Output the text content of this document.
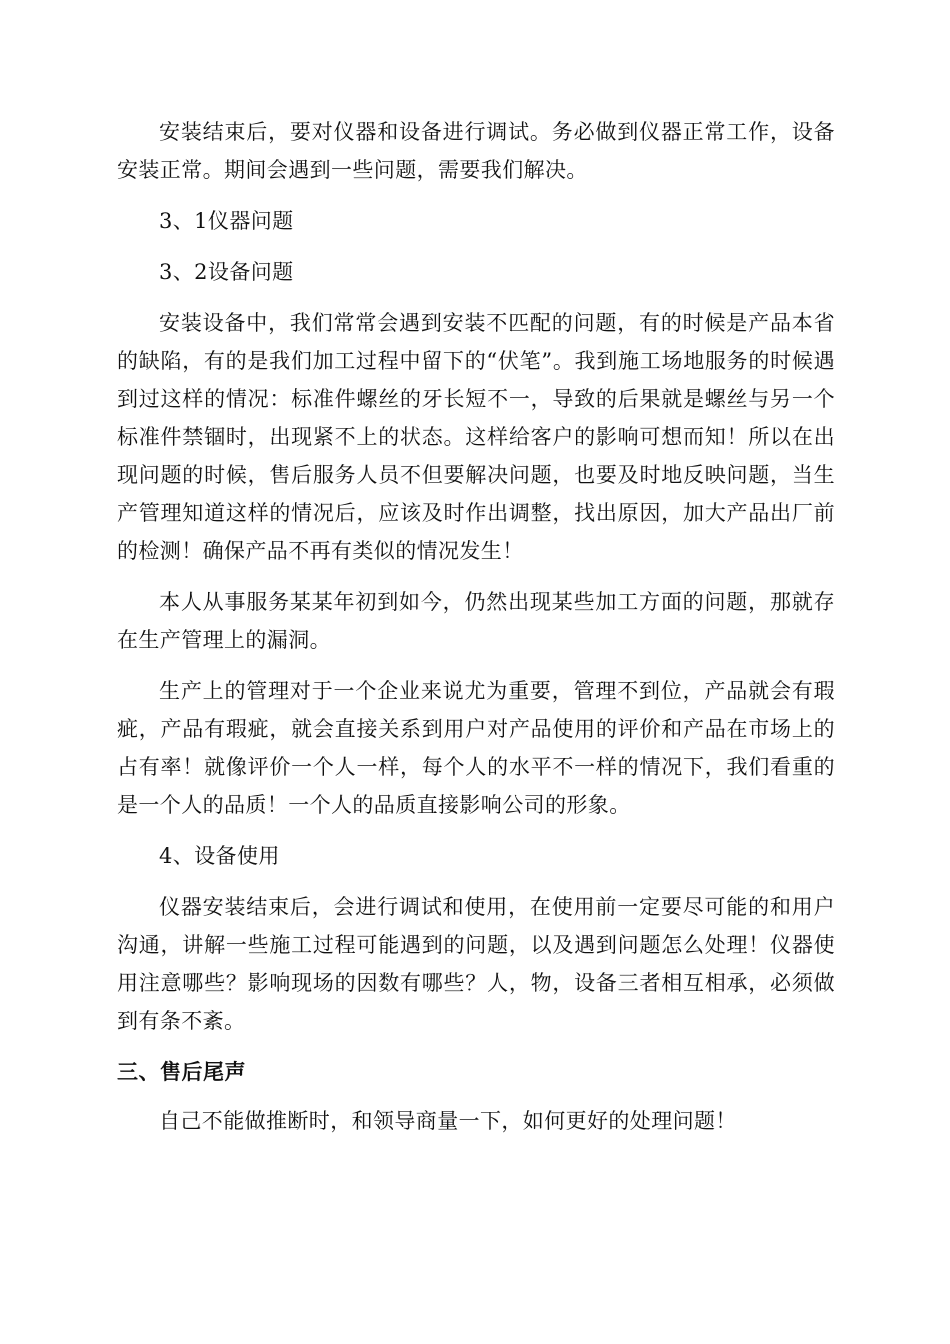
安装结束后，要对仪器和设备进行调试。务必做到仪器正常工作，设备安装正常。期间会遇到一些问题，需要我们解决。

3、1仪器问题

3、2设备问题

安装设备中，我们常常会遇到安装不匹配的问题，有的时候是产品本省的缺陷，有的是我们加工过程中留下的“伏笔”。我到施工场地服务的时候遇到过这样的情况：标准件螺丝的牙长短不一，导致的后果就是螺丝与另一个标准件禁锢时，出现紧不上的状态。这样给客户的影响可想而知！所以在出现问题的时候，售后服务人员不但要解决问题，也要及时地反映问题，当生产管理知道这样的情况后，应该及时作出调整，找出原因，加大产品出厂前的检测！确保产品不再有类似的情况发生！

本人从事服务某某年初到如今，仍然出现某些加工方面的问题，那就存在生产管理上的漏洞。

生产上的管理对于一个企业来说尤为重要，管理不到位，产品就会有瑕疵，产品有瑕疵，就会直接关系到用户对产品使用的评价和产品在市场上的占有率！就像评价一个人一样，每个人的水平不一样的情况下，我们看重的是一个人的品质！一个人的品质直接影响公司的形象。

4、设备使用

仪器安装结束后，会进行调试和使用，在使用前一定要尽可能的和用户沟通，讲解一些施工过程可能遇到的问题，以及遇到问题怎么处理！仪器使用注意哪些？影响现场的因数有哪些？人，物，设备三者相互相承，必须做到有条不紊。

三、售后尾声

自己不能做推断时，和领导商量一下，如何更好的处理问题！
